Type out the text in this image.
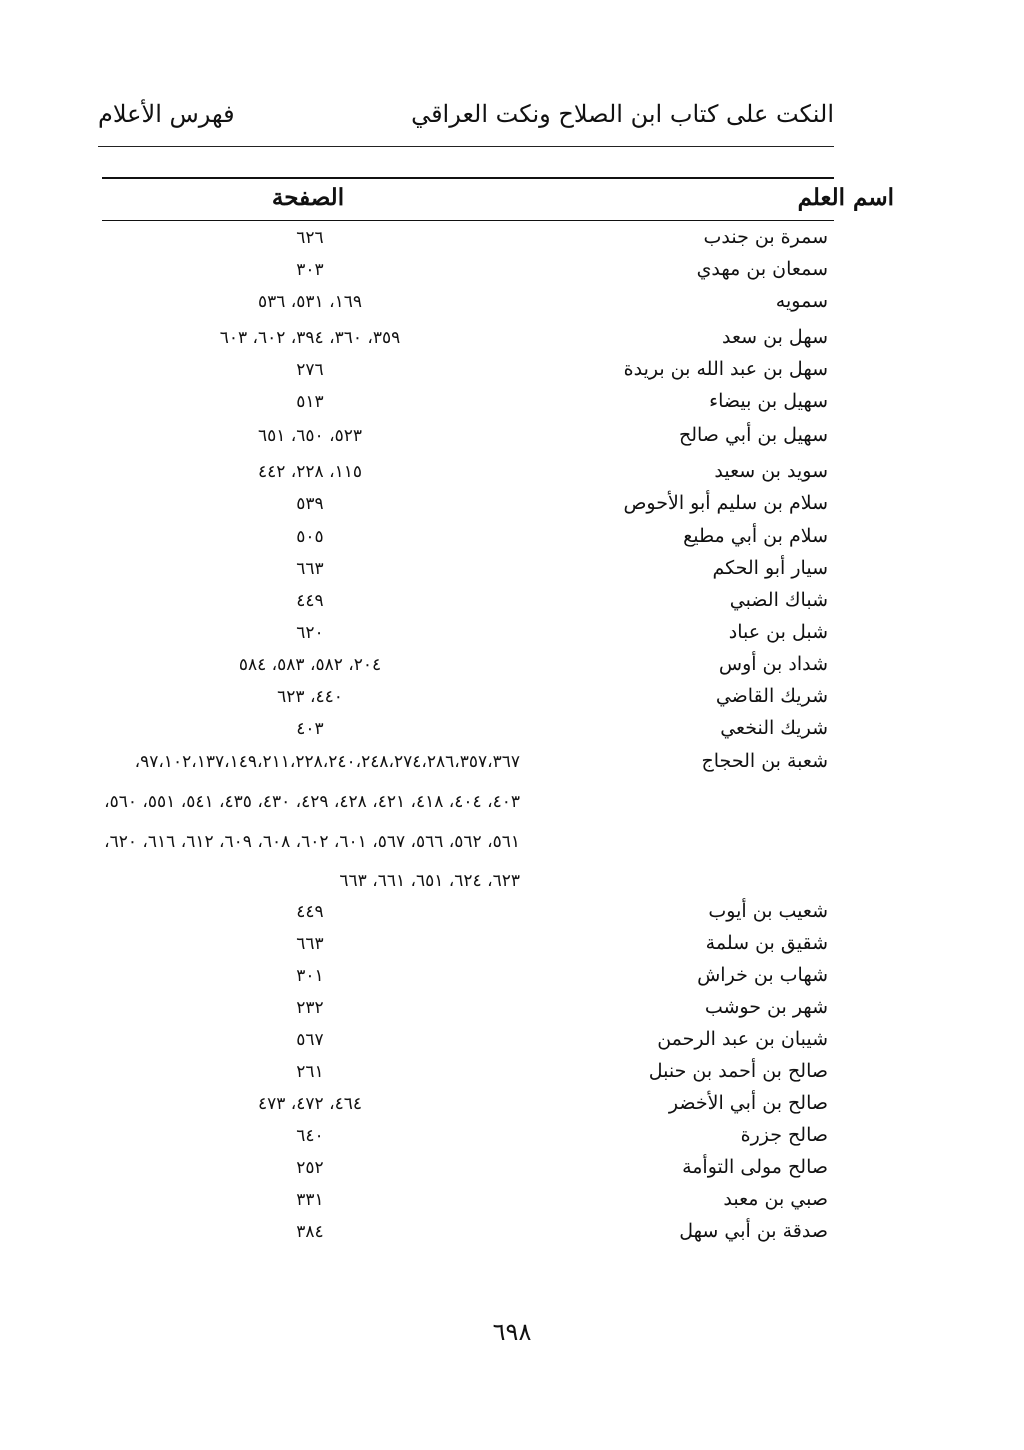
النكت على كتاب ابن الصلاح ونكت العراقي
فهرس الأعلام
اسم العلم
الصفحة
سمرة بن جندب
٦٢٦
سمعان بن مهدي
٣٠٣
سمويه
١٦٩، ٥٣١، ٥٣٦
سهل بن سعد
٣٥٩، ٣٦٠، ٣٩٤، ٦٠٢، ٦٠٣
سهل بن عبد الله بن بريدة
٢٧٦
سهيل بن بيضاء
٥١٣
سهيل بن أبي صالح
٥٢٣، ٦٥٠، ٦٥١
سويد بن سعيد
١١٥، ٢٢٨، ٤٤٢
سلام بن سليم أبو الأحوص
٥٣٩
سلام بن أبي مطيع
٥٠٥
سيار أبو الحكم
٦٦٣
شباك الضبي
٤٤٩
شبل بن عباد
٦٢٠
شداد بن أوس
٢٠٤، ٥٨٢، ٥٨٣، ٥٨٤
شريك القاضي
٤٤٠، ٦٢٣
شريك النخعي
٤٠٣
شعبة بن الحجاج
٩٧،١٠٢،١٣٧،١٤٩،٢١١،٢٢٨،٢٤٠،٢٤٨،٢٧٤،٢٨٦،٣٥٧،٣٦٧،
٤٠٣، ٤٠٤، ٤١٨، ٤٢١، ٤٢٨، ٤٢٩، ٤٣٠، ٤٣٥، ٥٤١، ٥٥١، ٥٦٠،
٥٦١، ٥٦٢، ٥٦٦، ٥٦٧، ٦٠١، ٦٠٢، ٦٠٨، ٦٠٩، ٦١٢، ٦١٦، ٦٢٠،
٦٢٣، ٦٢٤، ٦٥١، ٦٦١، ٦٦٣
شعيب بن أيوب
٤٤٩
شقيق بن سلمة
٦٦٣
شهاب بن خراش
٣٠١
شهر بن حوشب
٢٣٢
شيبان بن عبد الرحمن
٥٦٧
صالح بن أحمد بن حنبل
٢٦١
صالح بن أبي الأخضر
٤٦٤، ٤٧٢، ٤٧٣
صالح جزرة
٦٤٠
صالح مولى التوأمة
٢٥٢
صبي بن معبد
٣٣١
صدقة بن أبي سهل
٣٨٤
٦٩٨
